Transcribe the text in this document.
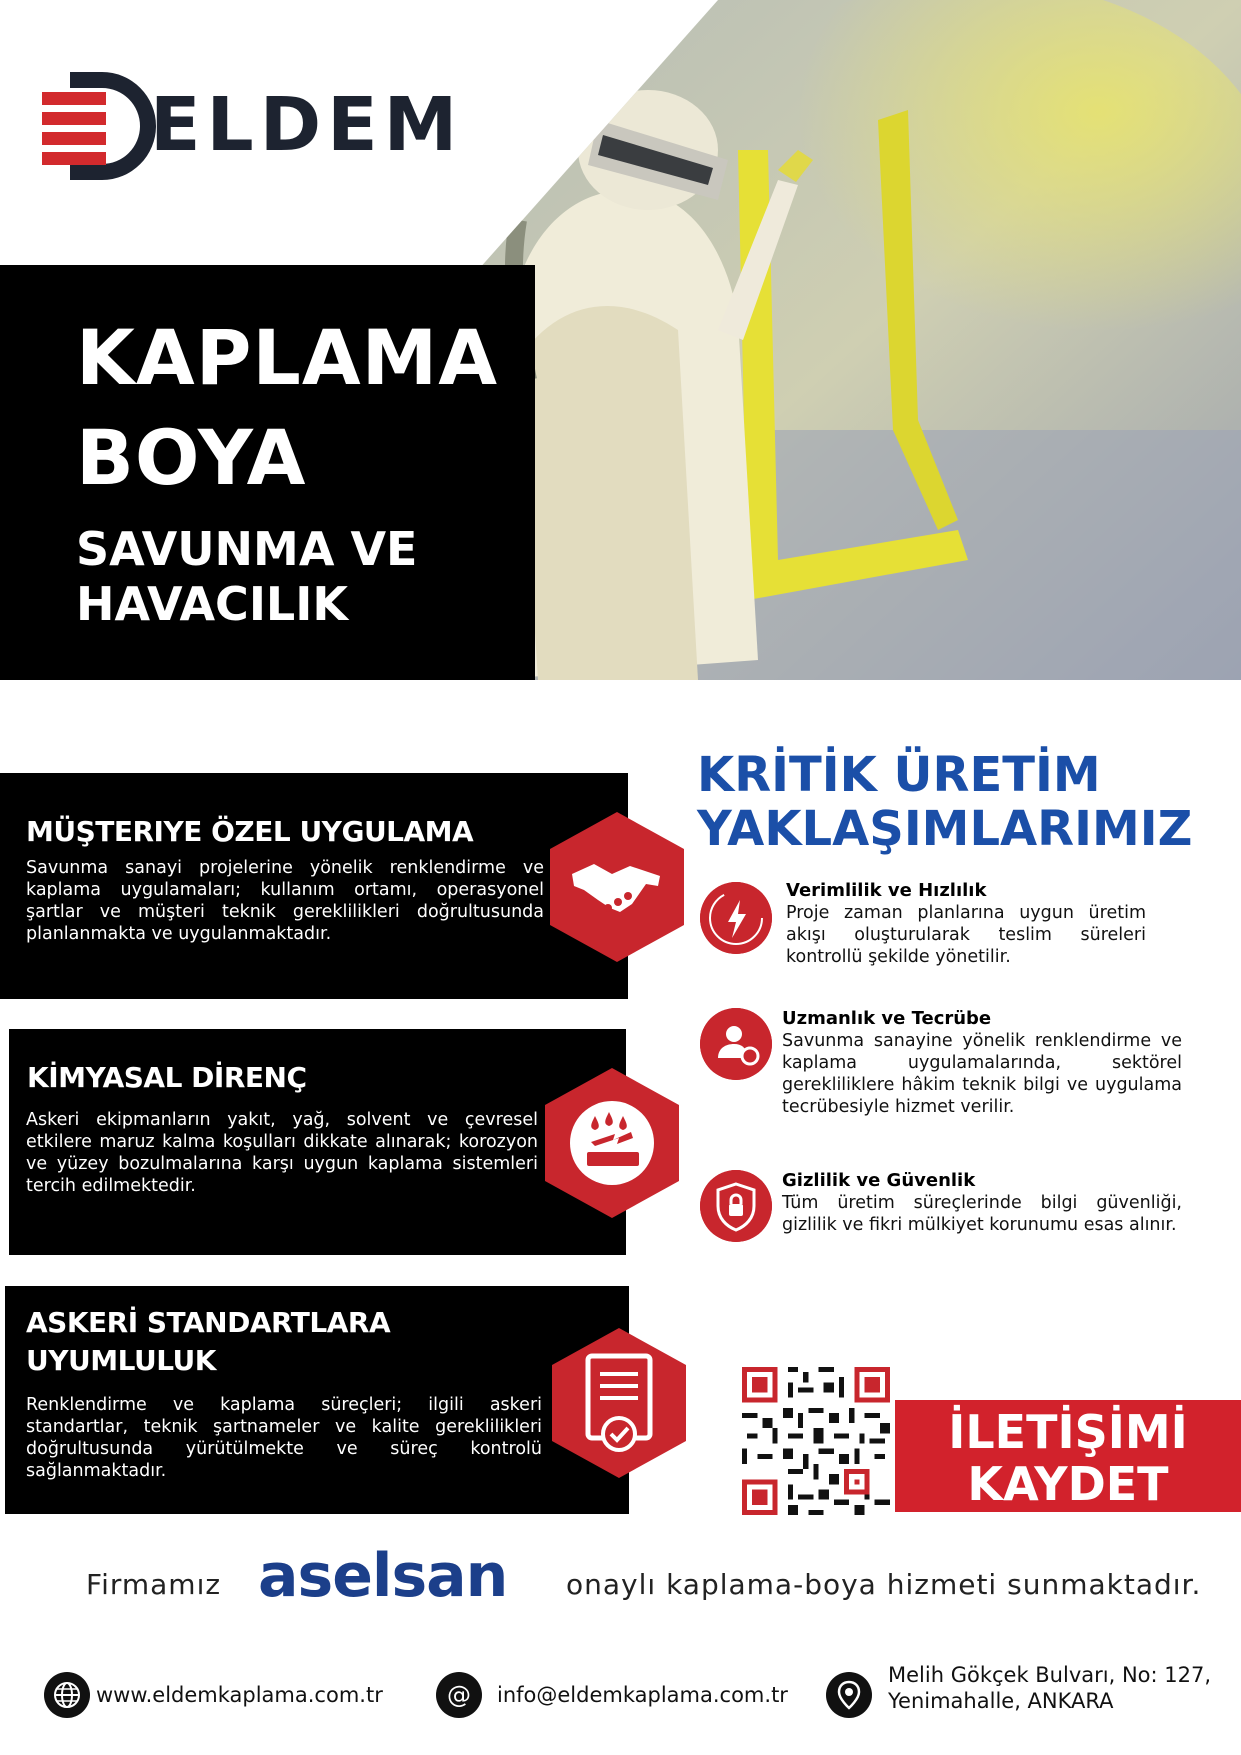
ELDEM
KAPLAMA
BOYA
SAVUNMA VE HAVACILIK
MÜŞTERIYE ÖZEL UYGULAMA

Savunma sanayi projelerine yönelik renklendirme ve kaplama uygulamaları; kullanım ortamı, operasyonel şartlar ve müşteri teknik gereklilikleri doğrultusunda planlanmakta ve uygulanmaktadır.

KİMYASAL DİRENÇ

Askeri ekipmanların yakıt, yağ, solvent ve çevresel etkilere maruz kalma koşulları dikkate alınarak; korozyon ve yüzey bozulmalarına karşı uygun kaplama sistemleri tercih edilmektedir.

ASKERİ STANDARTLARA UYUMLULUK

Renklendirme ve kaplama süreçleri; ilgili askeri standartlar, teknik şartnameler ve kalite gereklilikleri doğrultusunda yürütülmekte ve süreç kontrolü sağlanmaktadır.

KRİTİK ÜRETİM YAKLAŞIMLARIMIZ
Verimlilik ve Hızlılık

Proje zaman planlarına uygun üretim akışı oluşturularak teslim süreleri kontrollü şekilde yönetilir.

Uzmanlık ve Tecrübe

Savunma sanayine yönelik renklendirme ve kaplama uygulamalarında, sektörel gerekliliklere hâkim teknik bilgi ve uygulama tecrübesiyle hizmet verilir.

Gizlilik ve Güvenlik

Tüm üretim süreçlerinde bilgi güvenliği, gizlilik ve fikri mülkiyet korunumu esas alınır.

İLETİŞİMİ KAYDET
Firmamız aselsan onaylı kaplama-boya hizmeti sunmaktadır.
www.eldemkaplama.com.tr	@ info@eldemkaplama.com.tr
Melih Gökçek Bulvarı, No: 127, Yenimahalle, ANKARA
